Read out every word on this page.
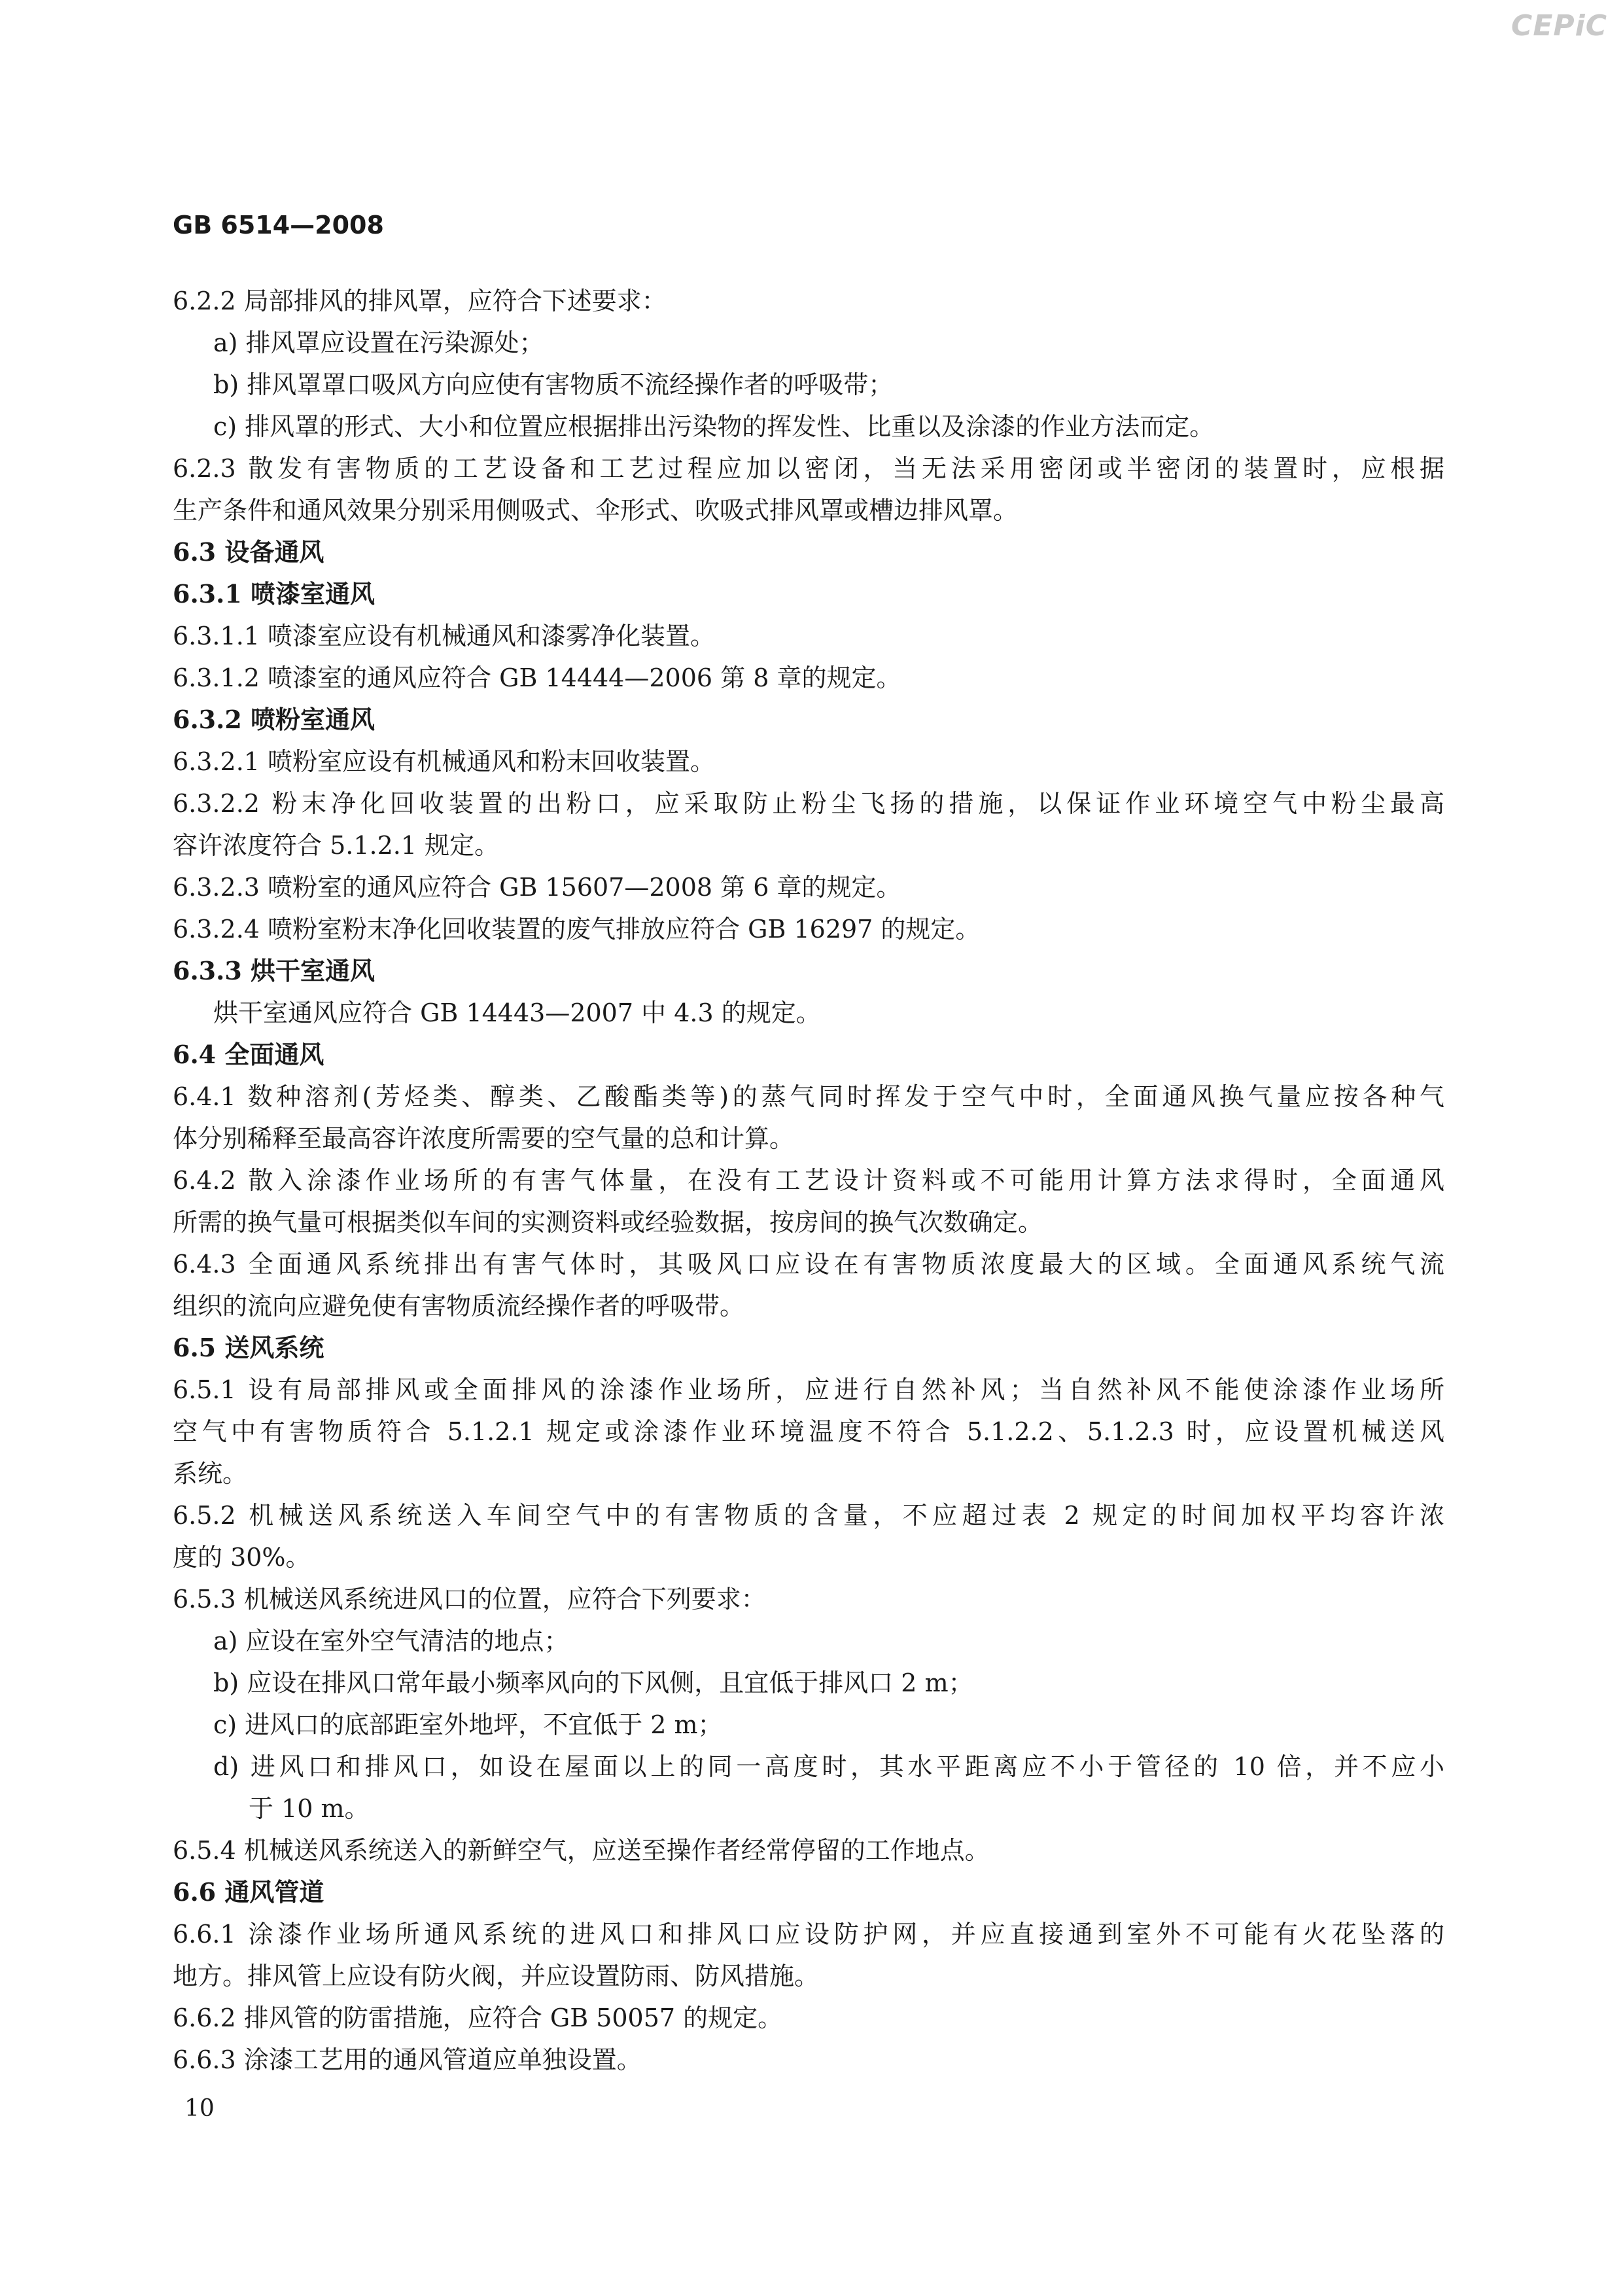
CEPiC
GB 6514—2008
6.2.2 局部排风的排风罩，应符合下述要求：
a) 排风罩应设置在污染源处；
b) 排风罩罩口吸风方向应使有害物质不流经操作者的呼吸带；
c) 排风罩的形式、大小和位置应根据排出污染物的挥发性、比重以及涂漆的作业方法而定。
6.2.3 散发有害物质的工艺设备和工艺过程应加以密闭，当无法采用密闭或半密闭的装置时，应根据
生产条件和通风效果分别采用侧吸式、伞形式、吹吸式排风罩或槽边排风罩。
6.3 设备通风
6.3.1 喷漆室通风
6.3.1.1 喷漆室应设有机械通风和漆雾净化装置。
6.3.1.2 喷漆室的通风应符合 GB 14444—2006 第 8 章的规定。
6.3.2 喷粉室通风
6.3.2.1 喷粉室应设有机械通风和粉末回收装置。
6.3.2.2 粉末净化回收装置的出粉口，应采取防止粉尘飞扬的措施，以保证作业环境空气中粉尘最高
容许浓度符合 5.1.2.1 规定。
6.3.2.3 喷粉室的通风应符合 GB 15607—2008 第 6 章的规定。
6.3.2.4 喷粉室粉末净化回收装置的废气排放应符合 GB 16297 的规定。
6.3.3 烘干室通风
烘干室通风应符合 GB 14443—2007 中 4.3 的规定。
6.4 全面通风
6.4.1 数种溶剂(芳烃类、醇类、乙酸酯类等)的蒸气同时挥发于空气中时，全面通风换气量应按各种气
体分别稀释至最高容许浓度所需要的空气量的总和计算。
6.4.2 散入涂漆作业场所的有害气体量，在没有工艺设计资料或不可能用计算方法求得时，全面通风
所需的换气量可根据类似车间的实测资料或经验数据，按房间的换气次数确定。
6.4.3 全面通风系统排出有害气体时，其吸风口应设在有害物质浓度最大的区域。全面通风系统气流
组织的流向应避免使有害物质流经操作者的呼吸带。
6.5 送风系统
6.5.1 设有局部排风或全面排风的涂漆作业场所，应进行自然补风；当自然补风不能使涂漆作业场所
空气中有害物质符合 5.1.2.1 规定或涂漆作业环境温度不符合 5.1.2.2、5.1.2.3 时，应设置机械送风
系统。
6.5.2 机械送风系统送入车间空气中的有害物质的含量，不应超过表 2 规定的时间加权平均容许浓
度的 30%。
6.5.3 机械送风系统进风口的位置，应符合下列要求：
a) 应设在室外空气清洁的地点；
b) 应设在排风口常年最小频率风向的下风侧，且宜低于排风口 2 m；
c) 进风口的底部距室外地坪，不宜低于 2 m；
d) 进风口和排风口，如设在屋面以上的同一高度时，其水平距离应不小于管径的 10 倍，并不应小
于 10 m。
6.5.4 机械送风系统送入的新鲜空气，应送至操作者经常停留的工作地点。
6.6 通风管道
6.6.1 涂漆作业场所通风系统的进风口和排风口应设防护网，并应直接通到室外不可能有火花坠落的
地方。排风管上应设有防火阀，并应设置防雨、防风措施。
6.6.2 排风管的防雷措施，应符合 GB 50057 的规定。
6.6.3 涂漆工艺用的通风管道应单独设置。
10
